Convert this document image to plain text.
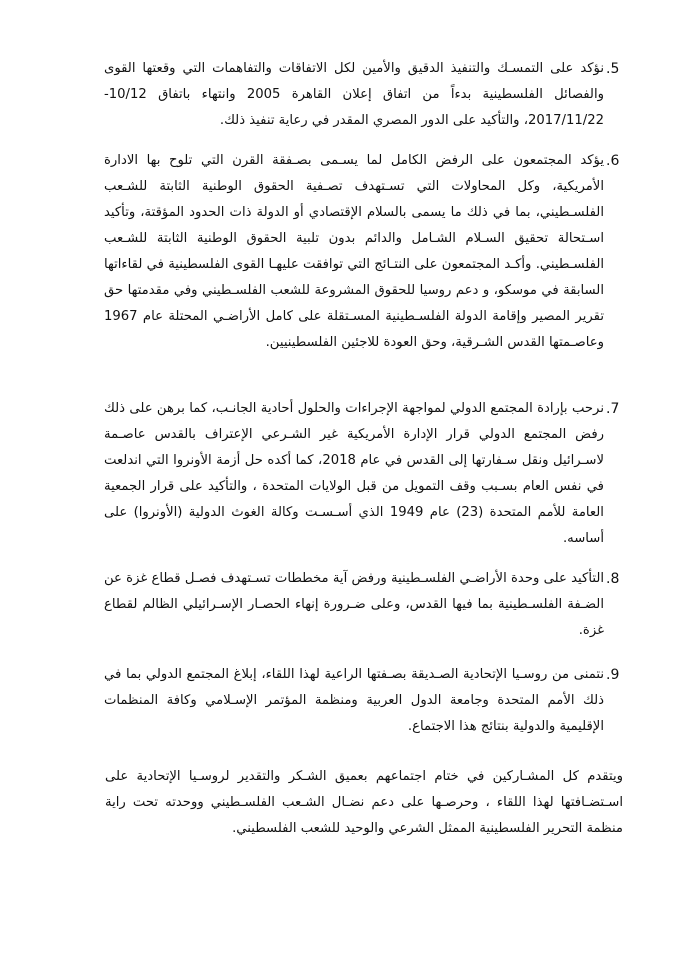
.5

نؤكد على التمسـك والتنفيذ الدقيق والأمين لكل الاتفاقات والتفاهمات التي وقعتها القوى والفصائل الفلسطينية بدءاً من اتفاق إعلان القاهرة 2005 وانتهاء باتفاق 10/12-2017/11/22، والتأكيد على الدور المصري المقدر في رعاية تنفيذ ذلك.

.6

يؤكد المجتمعون على الرفض الكامل لما يسـمى بصـفقة القرن التي تلوح بها الادارة الأمريكية، وكل المحاولات التي تسـتهدف تصـفية الحقوق الوطنية الثابتة للشـعب الفلسـطيني، بما في ذلك ما يسمى بالسلام الإقتصادي أو الدولة ذات الحدود المؤقتة، وتأكيد اسـتحالة تحقيق السـلام الشـامل والدائم بدون تلبية الحقوق الوطنية الثابتة للشـعب الفلسـطيني. وأكـد المجتمعون على النتـائج التي توافقت عليهـا القوى الفلسطينية في لقاءاتها السابقة في موسكو، و دعم روسيا للحقوق المشروعة للشعب الفلسـطيني وفي مقدمتها حق تقرير المصير وإقامة الدولة الفلسـطينية المسـتقلة على كامل الأراضـي المحتلة عام 1967 وعاصـمتها القدس الشـرقية، وحق العودة للاجئين الفلسطينيين.

.7

نرحب بإرادة المجتمع الدولي لمواجهة الإجراءات والحلول أحادية الجانـب، كما برهن على ذلك رفض المجتمع الدولي قرار الإدارة الأمريكية غير الشـرعي الإعتراف بالقدس عاصـمة لاسـرائيل ونقل سـفارتها إلى القدس في عام 2018، كما أكده حل أزمة الأونروا التي اندلعت في نفس العام بسـبب وقف التمويل من قبل الولايات المتحدة ، والتأكيد على قرار الجمعية العامة للأمم المتحدة (23) عام 1949 الذي أسـسـت وكالة الغوث الدولية (الأونروا) على أساسه.

.8

التأكيد على وحدة الأراضـي الفلسـطينية ورفض آية مخططات تسـتهدف فصـل قطاع غزة عن الضـفة الفلسـطينية بما فيها القدس، وعلى ضـرورة إنهاء الحصـار الإسـرائيلي الظالم لقطاع غزة.

.9

نتمنى من روسـيا الإتحادية الصـديقة بصـفتها الراعية لهذا اللقاء، إبلاغ المجتمع الدولي بما في ذلك الأمم المتحدة وجامعة الدول العربية ومنظمة المؤتمر الإسـلامي وكافة المنظمات الإقليمية والدولية بنتائج هذا الاجتماع.

ويتقدم كل المشـاركين في ختام اجتماعهم بعميق الشـكر والتقدير لروسـيا الإتحادية على اسـتضـافتها لهذا اللقاء ، وحرصـها على دعم نضـال الشـعب الفلسـطيني ووحدته تحت راية منظمة التحرير الفلسطينية الممثل الشرعي والوحيد للشعب الفلسطيني.
